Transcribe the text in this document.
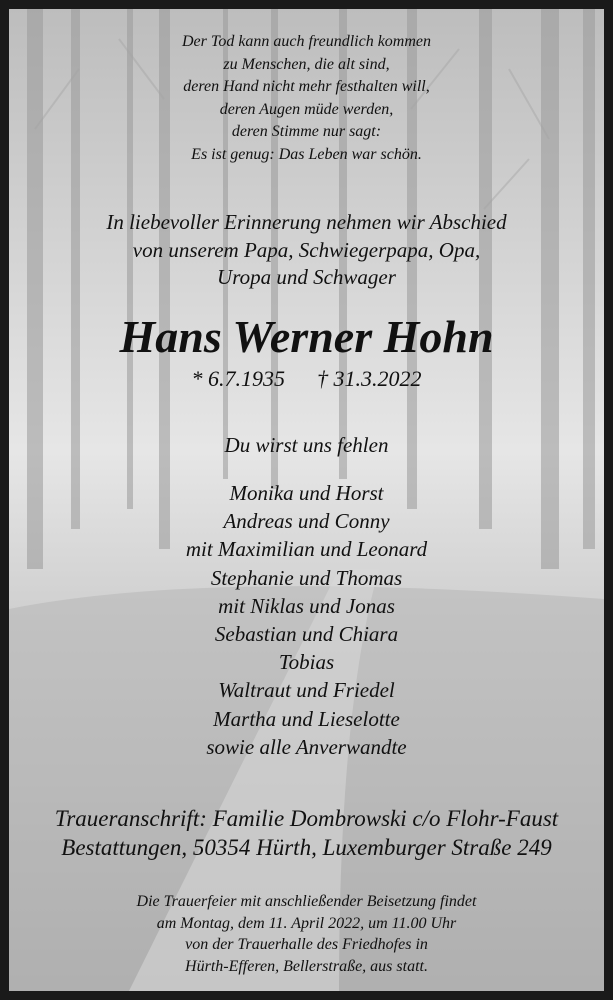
Der Tod kann auch freundlich kommen
zu Menschen, die alt sind,
deren Hand nicht mehr festhalten will,
deren Augen müde werden,
deren Stimme nur sagt:
Es ist genug: Das Leben war schön.
In liebevoller Erinnerung nehmen wir Abschied
von unserem Papa, Schwiegerpapa, Opa,
Uropa und Schwager
Hans Werner Hohn
* 6.7.1935 † 31.3.2022
Du wirst uns fehlen
Monika und Horst
Andreas und Conny
mit Maximilian und Leonard
Stephanie und Thomas
mit Niklas und Jonas
Sebastian und Chiara
Tobias
Waltraut und Friedel
Martha und Lieselotte
sowie alle Anverwandte
Traueranschrift: Familie Dombrowski c/o Flohr-Faust
Bestattungen, 50354 Hürth, Luxemburger Straße 249
Die Trauerfeier mit anschließender Beisetzung findet
am Montag, dem 11. April 2022, um 11.00 Uhr
von der Trauerhalle des Friedhofes in
Hürth-Efferen, Bellerstraße, aus statt.
